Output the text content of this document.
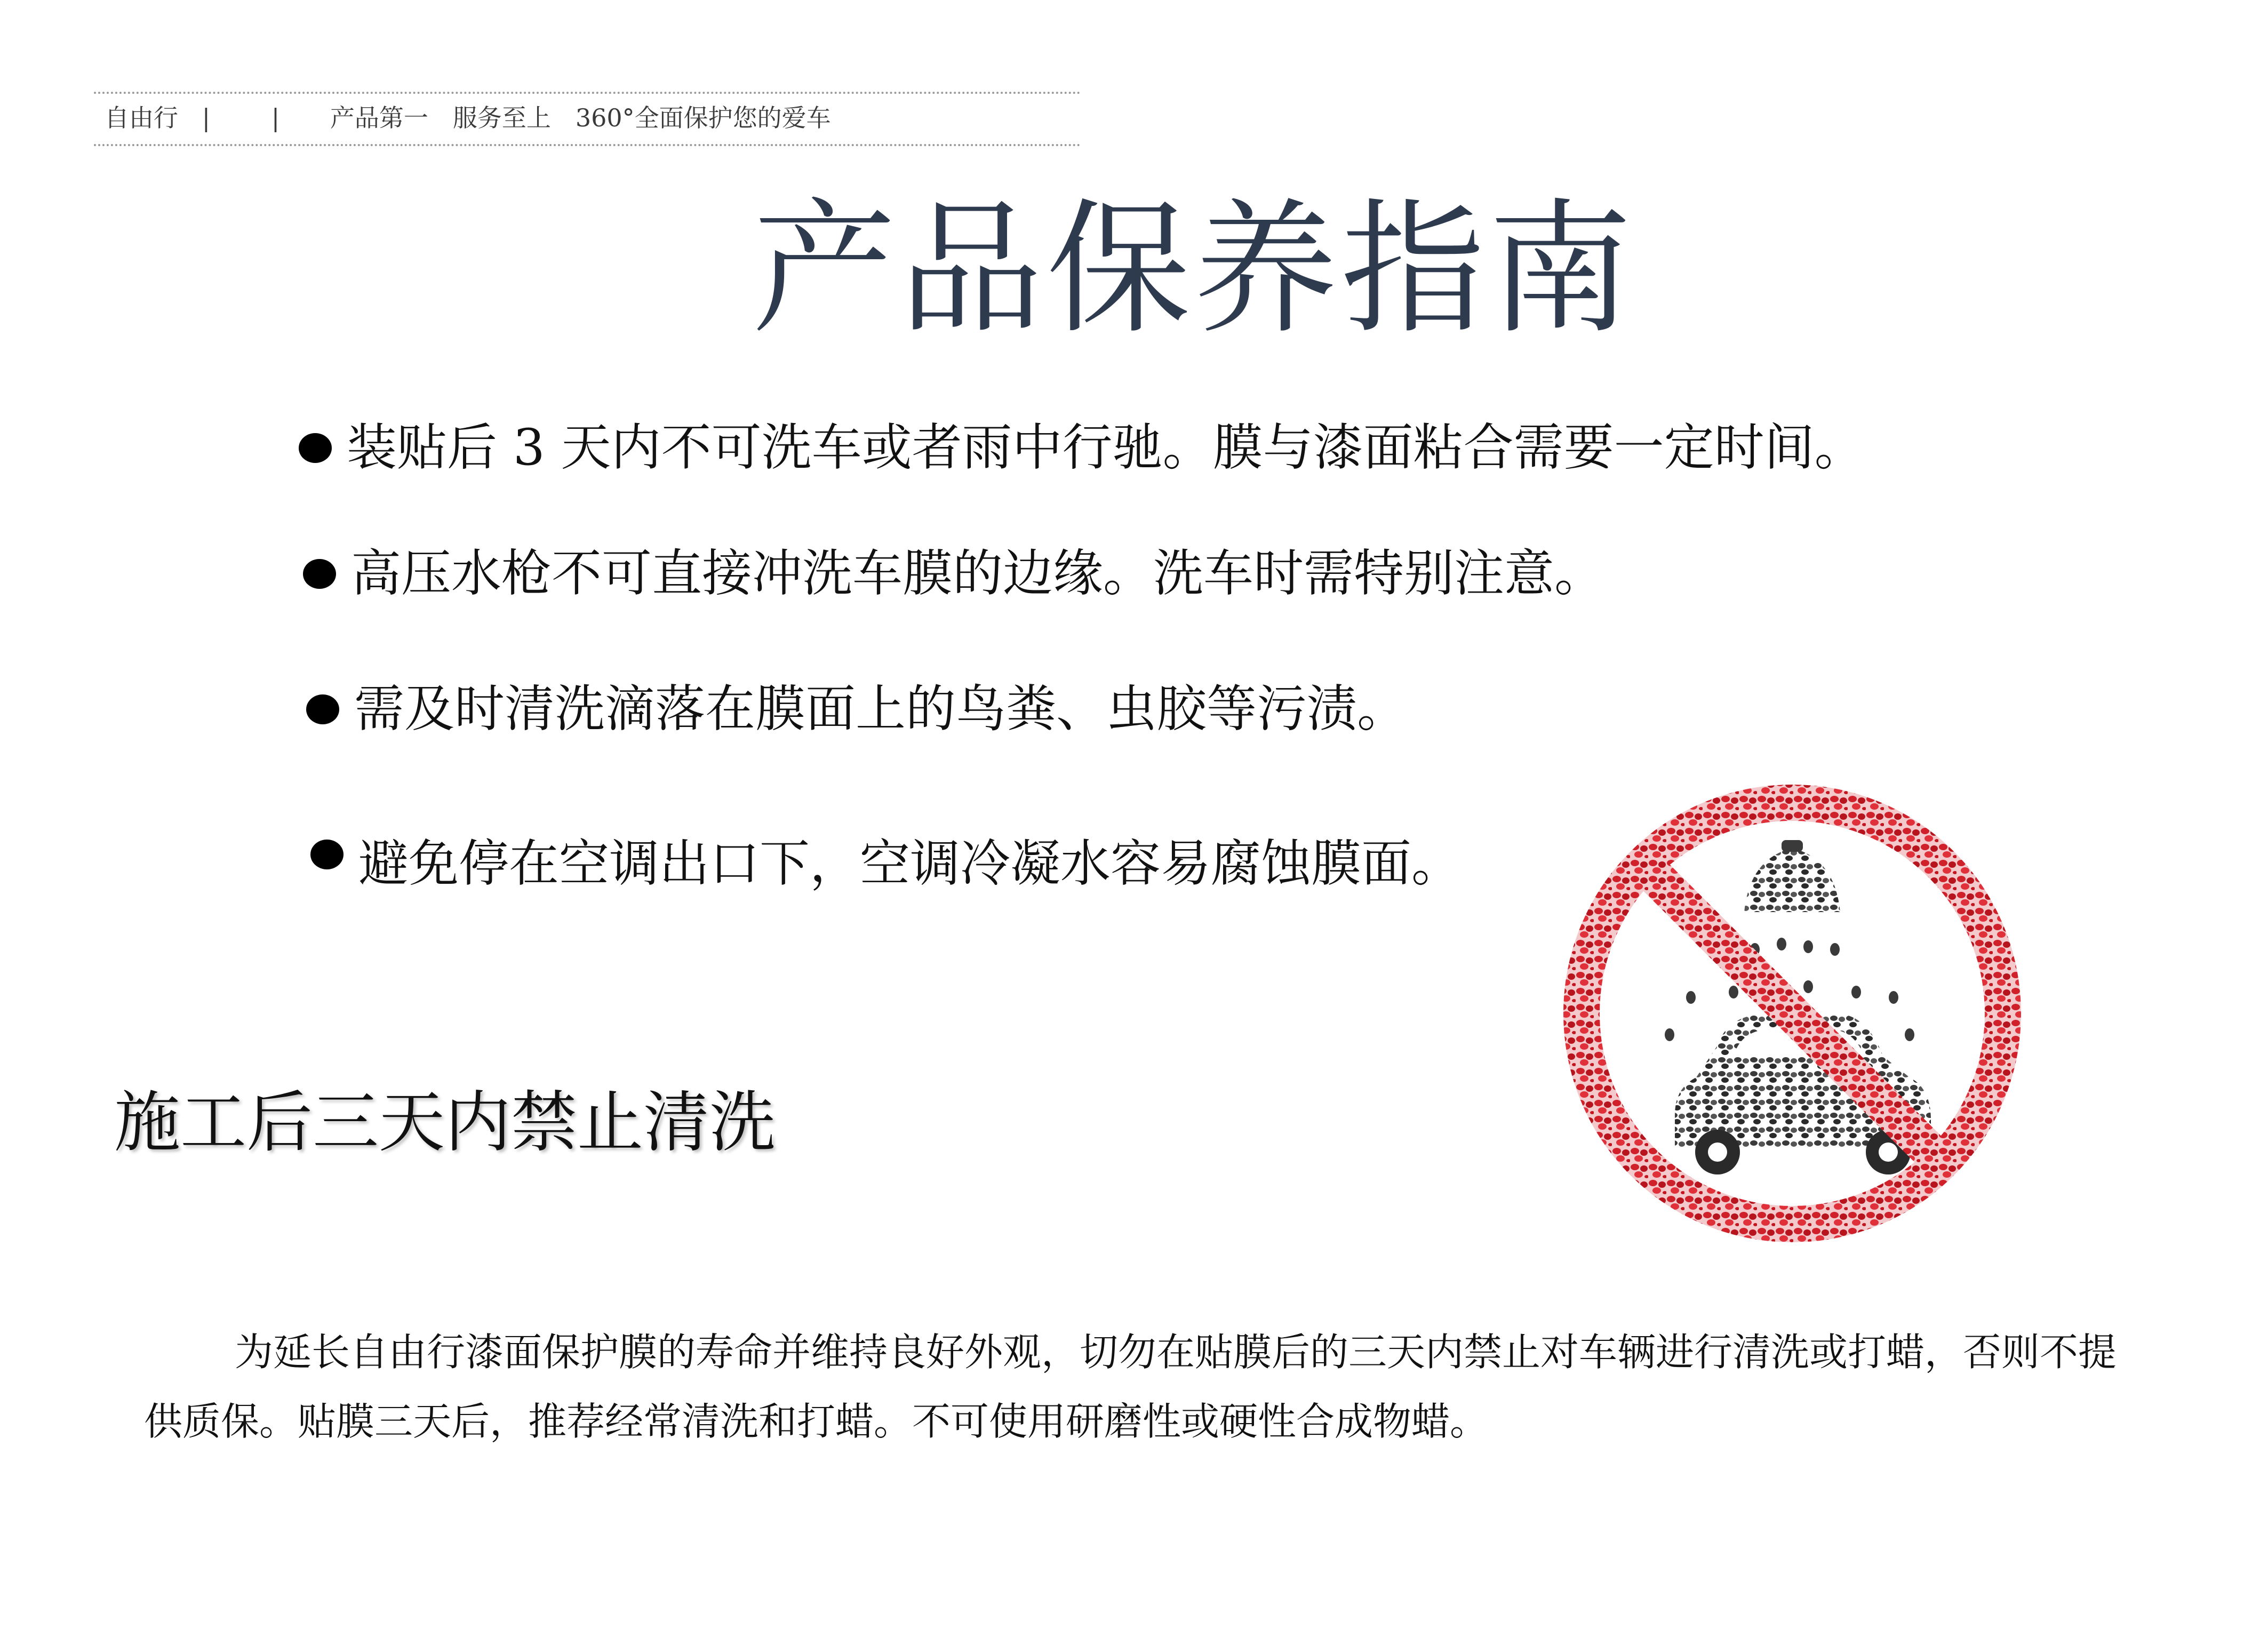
自由行 | | 产品第一　服务至上　360°全面保护您的爱车
产品保养指南
装贴后 3 天内不可洗车或者雨中行驰。膜与漆面粘合需要一定时间。
高压水枪不可直接冲洗车膜的边缘。洗车时需特别注意。
需及时清洗滴落在膜面上的鸟粪、虫胶等污渍。
避免停在空调出口下，空调冷凝水容易腐蚀膜面。
施工后三天内禁止清洗

为延长自由行漆面保护膜的寿命并维持良好外观，切勿在贴膜后的三天内禁止对车辆进行清洗或打蜡，否则不提供质保。贴膜三天后，推荐经常清洗和打蜡。不可使用研磨性或硬性合成物蜡。
